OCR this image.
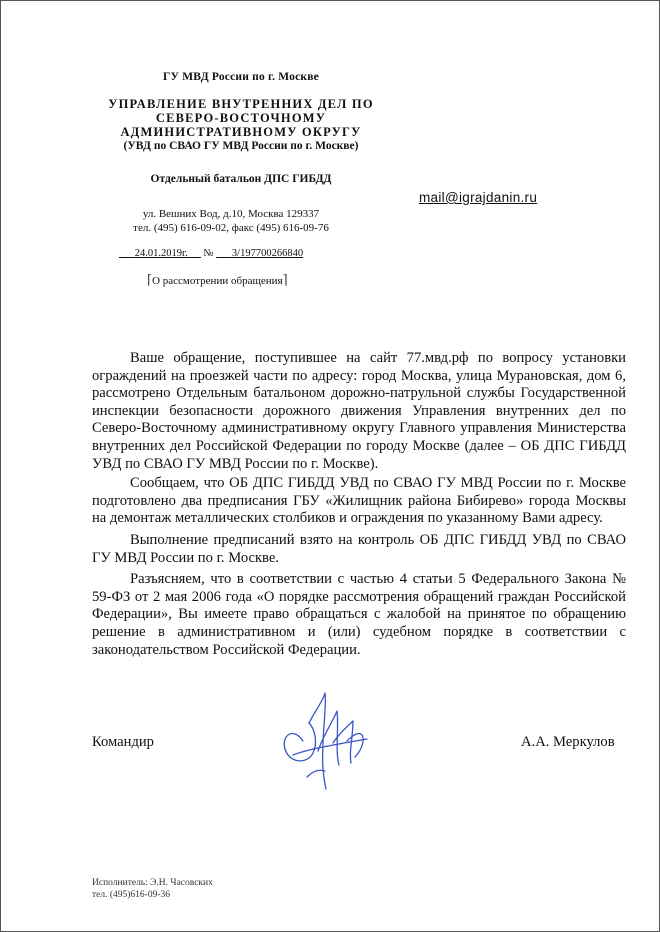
ГУ МВД России по г. Москве
УПРАВЛЕНИЕ ВНУТРЕННИХ ДЕЛ ПО
СЕВЕРО-ВОСТОЧНОМУ
АДМИНИСТРАТИВНОМУ ОКРУГУ
(УВД по СВАО ГУ МВД России по г. Москве)
Отдельный батальон ДПС ГИБДД
ул. Вешних Вод, д.10, Москва 129337
тел. (495) 616-09-02, факс (495) 616-09-76
24.01.2019г. № 3/197700266840
⌈О рассмотрении обращения⌉
mail@igrajdanin.ru

Ваше обращение, поступившее на сайт 77.мвд.рф по вопросу установки ограждений на проезжей части по адресу: город Москва, улица Мурановская, дом 6, рассмотрено Отдельным батальоном дорожно-патрульной службы Государственной инспекции безопасности дорожного движения Управления внутренних дел по Северо-Восточному административному округу Главного управления Министерства внутренних дел Российской Федерации по городу Москве (далее – ОБ ДПС ГИБДД УВД по СВАО ГУ МВД России по г. Москве).

Сообщаем, что ОБ ДПС ГИБДД УВД по СВАО ГУ МВД России по г. Москве подготовлено два предписания ГБУ «Жилищник района Бибирево» города Москвы на демонтаж металлических столбиков и ограждения по указанному Вами адресу.

Выполнение предписаний взято на контроль ОБ ДПС ГИБДД УВД по СВАО ГУ МВД России по г. Москве.

Разъясняем, что в соответствии с частью 4 статьи 5 Федерального Закона № 59-ФЗ от 2 мая 2006 года «О порядке рассмотрения обращений граждан Российской Федерации», Вы имеете право обращаться с жалобой на принятое по обращению решение в административном и (или) судебном порядке в соответствии с законодательством Российской Федерации.

Командир	А.А. Меркулов
Исполнитель: Э.Н. Часовских
тел. (495)616-09-36
